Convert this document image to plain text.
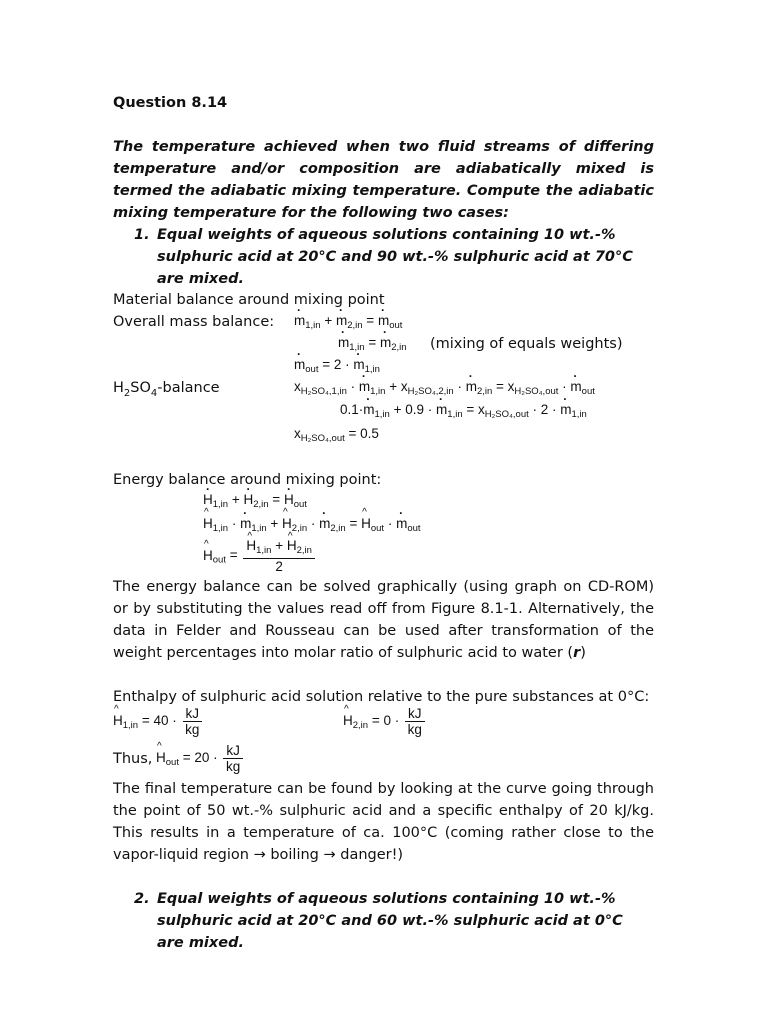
Question 8.14
The temperature achieved when two fluid streams of differing temperature and/or composition are adiabatically mixed is termed the adiabatic mixing temperature. Compute the adiabatic mixing temperature for the following two cases:
1. Equal weights of aqueous solutions containing 10 wt.-% sulphuric acid at 20°C and 90 wt.-% sulphuric acid at 70°C are mixed.
Material balance around mixing point
Overall mass balance: · $m_{1,in}$ + · $m_{2,in}$ = · $m_{out}$
· $m_{1,in}$ = · $m_{2,in}$ (mixing of equals weights)
· $m_{out} = 2$ · · $m_{1,in}$
$H_2SO_4$-balance	$x_{H_2SO_4,1,in}$ · · $m_{1,in} + x_{H_2SO_4,2,in}$ · · $m_{2,in} = x_{H_2SO_4,out}$ · · $m_{out}$
$0.1\cdot\cdot m_{1,in} + 0.9$ · · $m_{1,in} = x_{H_2SO_4,out} \cdot 2$ · · $m_{1,in}$
$x_{H_2SO_4,out} = 0.5$
Energy balance around mixing point:
· $H_{1,in}$ + · $H_{2,in}$ = · $H_{out}$
^ $H_{1,in}$ · · $m_{1,in}$ + ^ $H_{2,in}$ · · $m_{2,in}$ = ^ $H_{out}$ · · $m_{out}$
^ $H_{out}$ = ^ $\frac{H_{1,in} + \^{} H_{2,in}}{2}$
The energy balance can be solved graphically (using graph on CD-ROM) or by substituting the values read off from Figure 8.1-1. Alternatively, the data in Felder and Rousseau can be used after transformation of the weight percentages into molar ratio of sulphuric acid to water (r)
Enthalpy of sulphuric acid solution relative to the pure substances at 0°C:
^ $H_{1,in} = 40 \cdot \frac{kJ}{kg}$	^ $H_{2,in} = 0 \cdot \frac{kJ}{kg}$
Thus, ^ $H_{out} = 20 \cdot \frac{kJ}{kg}$
The final temperature can be found by looking at the curve going through the point of 50 wt.-% sulphuric acid and a specific enthalpy of 20 kJ/kg. This results in a temperature of ca. 100°C (coming rather close to the vapor-liquid region → boiling → danger!)
2. Equal weights of aqueous solutions containing 10 wt.-% sulphuric acid at 20°C and 60 wt.-% sulphuric acid at 0°C are mixed.
